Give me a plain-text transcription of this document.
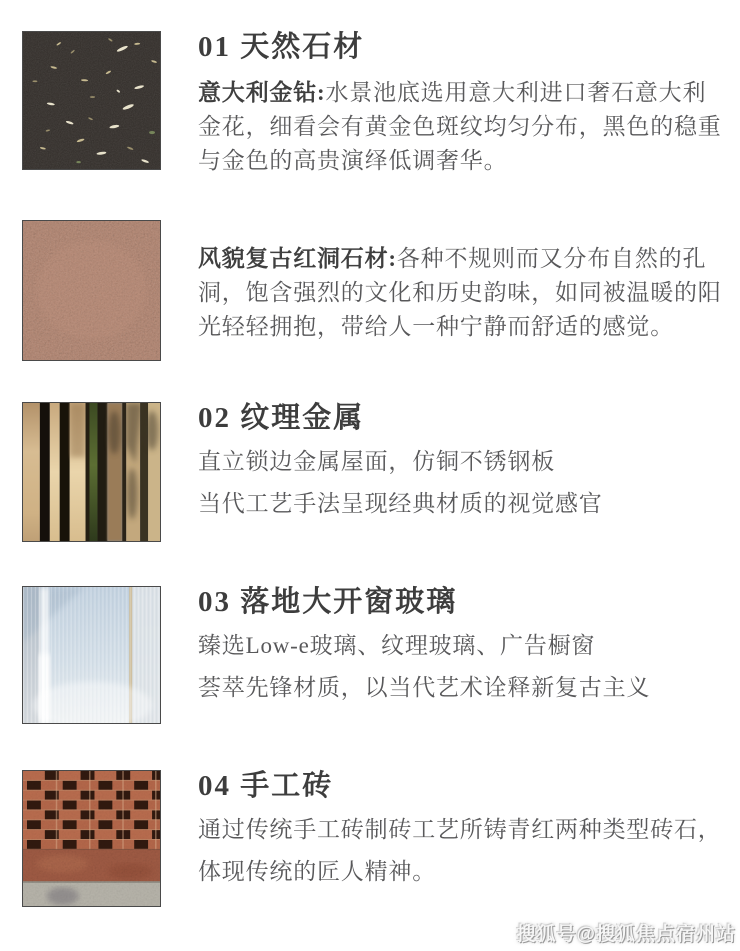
01 天然石材

意大利金钻:水景池底选用意大利进口奢石意大利金花，细看会有黄金色斑纹均匀分布，黑色的稳重与金色的高贵演绎低调奢华。

风貌复古红洞石材:各种不规则而又分布自然的孔洞，饱含强烈的文化和历史韵味，如同被温暖的阳光轻轻拥抱，带给人一种宁静而舒适的感觉。

02 纹理金属

直立锁边金属屋面，仿铜不锈钢板

当代工艺手法呈现经典材质的视觉感官

03 落地大开窗玻璃

臻选Low-e玻璃、纹理玻璃、广告橱窗

荟萃先锋材质，以当代艺术诠释新复古主义

04 手工砖

通过传统手工砖制砖工艺所铸青红两种类型砖石，

体现传统的匠人精神。

搜狐号@搜狐焦点宿州站
